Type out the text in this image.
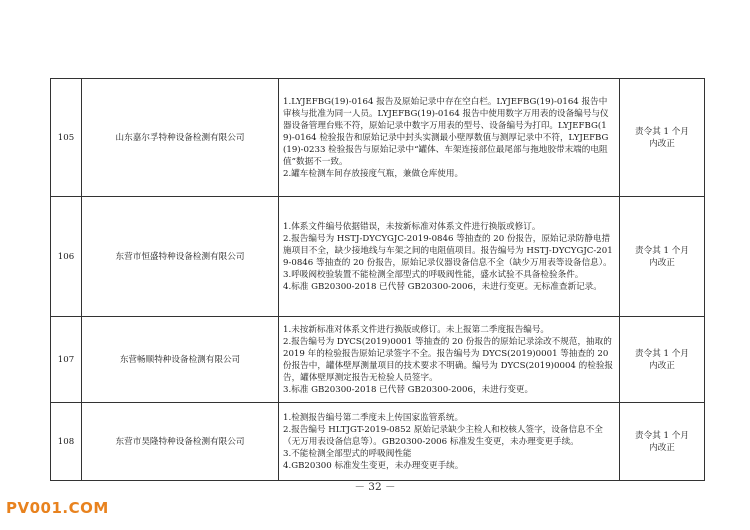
105	山东嘉尔孚特种设备检测有限公司	1.LYJEFBG(19)-0164 报告及原始记录中存在空白栏。LYJEFBG(19)-0164 报告中审核与批准为同一人员。LYJEFBG(19)-0164 报告中使用数字万用表的设备编号与仪器设备管理台账不符，原始记录中数字万用表的型号、设备编号为打印。LYJEFBG(19)-0164 检验报告和原始记录中封头实测最小壁厚数值与测厚记录中不符，LYJEFBG(19)-0233 检验报告与原始记录中“罐体、车架连接部位最尾部与拖地胶带末端的电阻值”数据不一致。
2.罐车检测车间存放接度气瓶，兼做仓库使用。	责令其 1 个月内改正
106	东营市恒盛特种设备检测有限公司	1.体系文件编号依据错误，未按新标准对体系文件进行换版或修订。
2.报告编号为 HSTJ-DYCYGJC-2019-0846 等抽查的 20 份报告，原始记录防静电措施项目不全，缺少接地线与车架之间的电阻值项目。报告编号为 HSTJ-DYCYGJC-2019-0846 等抽查的 20 份报告，原始记录仪器设备信息不全（缺少万用表等设备信息）。
3.呼吸阀校验装置不能检测全部型式的呼吸阀性能，盛水试验不具备检验条件。
4.标准 GB20300-2018 已代替 GB20300-2006，未进行变更。无标准查新记录。	责令其 1 个月内改正
107	东营畅顺特种设备检测有限公司	1.未按新标准对体系文件进行换版或修订。未上报第二季度报告编号。
2.报告编号为 DYCS(2019)0001 等抽查的 20 份报告的原始记录涂改不规范，抽取的 2019 年的检验报告原始记录签字不全。报告编号为 DYCS(2019)0001 等抽查的 20 份报告中，罐体壁厚测量项目的技术要求不明确。编号为 DYCS(2019)0004 的检验报告，罐体壁厚测定报告无检验人员签字。
3.标准 GB20300-2018 已代替 GB20300-2006，未进行变更。	责令其 1 个月内改正
108	东营市昊隆特种设备检测有限公司	1.检测报告编号第二季度未上传国家监管系统。
2.报告编号 HLTJGT-2019-0852 原始记录缺少主检人和校核人签字，设备信息不全（无万用表设备信息等）。GB20300-2006 标准发生变更，未办理变更手续。
3.不能检测全部型式的呼吸阀性能
4.GB20300 标准发生变更，未办理变更手续。	责令其 1 个月内改正
－ 32 －
PV001.COM
